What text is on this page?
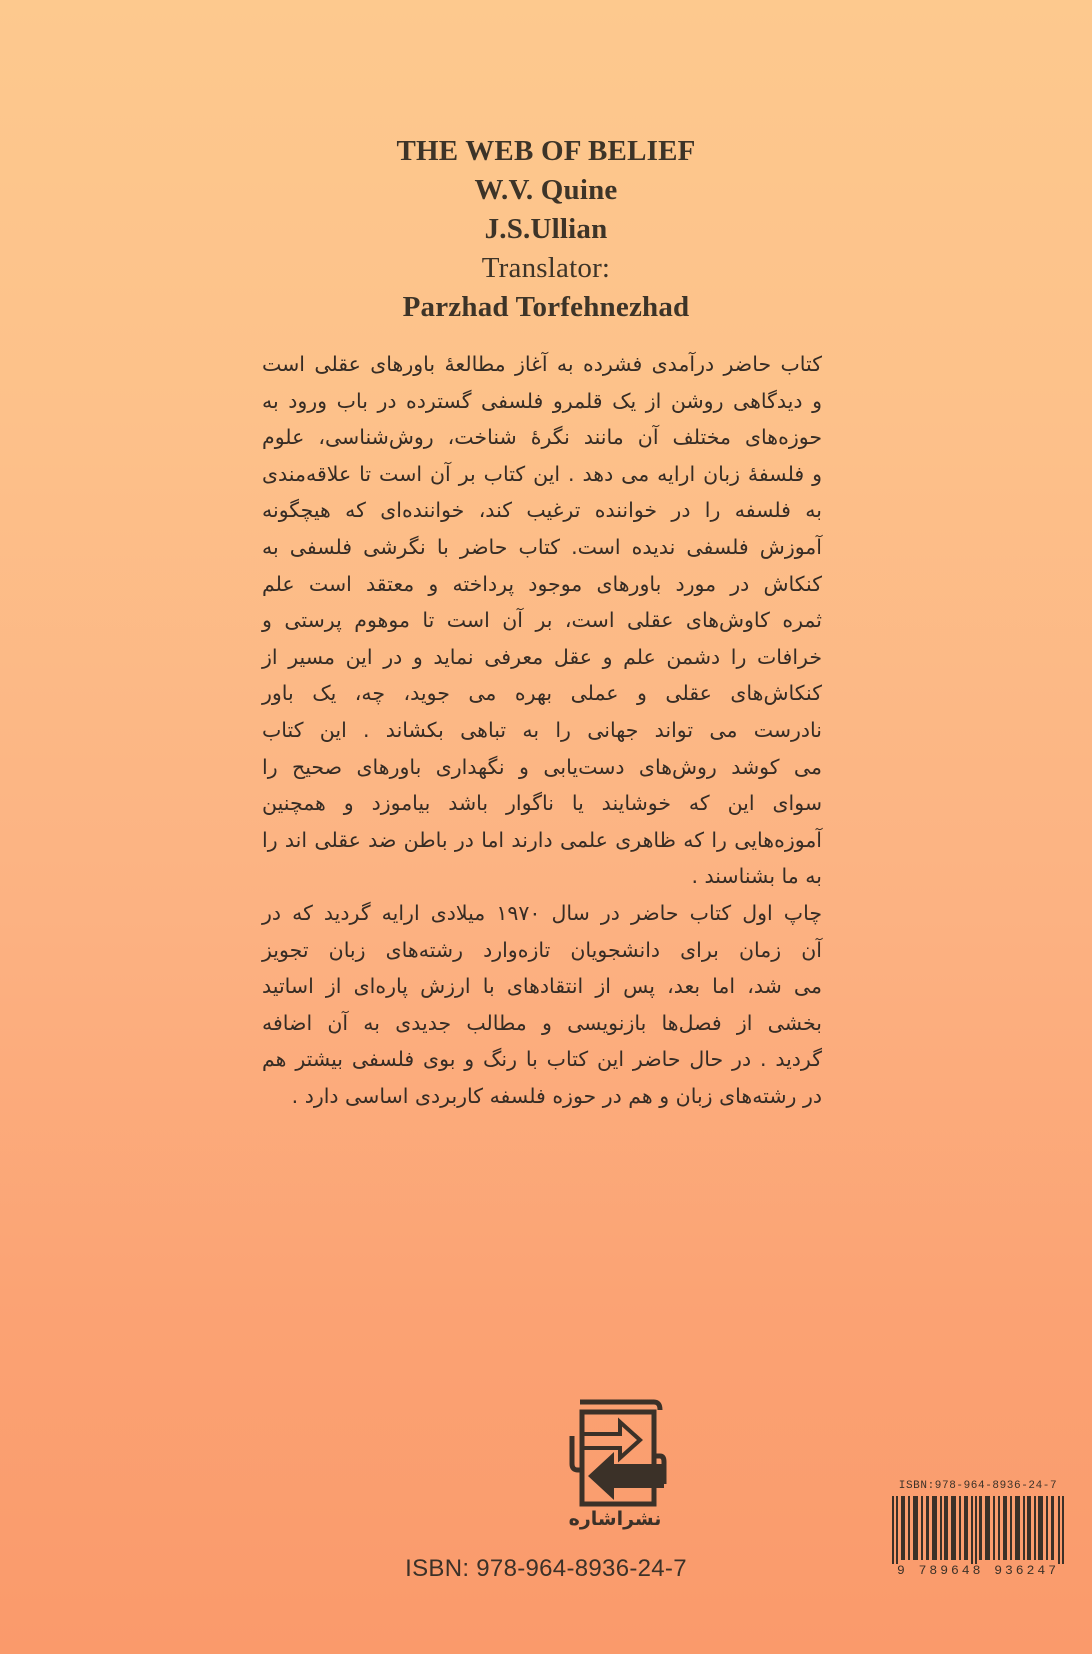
THE WEB OF BELIEF
W.V. Quine
J.S.Ullian
Translator:
Parzhad Torfehnezhad
کتاب حاضر درآمدی فشرده به آغاز مطالعهٔ باورهای عقلی است
و دیدگاهی روشن از یک قلمرو فلسفی گسترده در باب ورود به
حوزه‌های مختلف آن مانند نگرهٔ شناخت، روش‌شناسی، علوم
و فلسفهٔ زبان ارایه می دهد . این کتاب بر آن است تا علاقه‌مندی
به فلسفه را در خواننده ترغیب کند، خواننده‌ای که هیچگونه
آموزش فلسفی ندیده است. کتاب حاضر با نگرشی فلسفی به
کنکاش در مورد باورهای موجود پرداخته و معتقد است علم
ثمره کاوش‌های عقلی است، بر آن است تا موهوم پرستی و
خرافات را دشمن علم و عقل معرفی نماید و در این مسیر از
کنکاش‌های عقلی و عملی بهره می جوید، چه، یک باور
نادرست می تواند جهانی را به تباهی بکشاند . این کتاب
می کوشد روش‌های دست‌یابی و نگهداری باورهای صحیح را
سوای این که خوشایند یا ناگوار باشد بیاموزد و همچنین
آموزه‌هایی را که ظاهری علمی دارند اما در باطن ضد عقلی اند را
به ما بشناسند .
چاپ اول کتاب حاضر در سال ۱۹۷۰ میلادی ارایه گردید که در
آن زمان برای دانشجویان تازه‌وارد رشته‌های زبان تجویز
می شد، اما بعد، پس از انتقادهای با ارزش پاره‌ای از اساتید
بخشی از فصل‌ها بازنویسی و مطالب جدیدی به آن اضافه
گردید . در حال حاضر این کتاب با رنگ و بوی فلسفی بیشتر هم
در رشته‌های زبان و هم در حوزه فلسفه کاربردی اساسی دارد .
نشراشاره
ISBN: 978-964-8936-24-7
ISBN:978-964-8936-24-7
9 789648 936247
